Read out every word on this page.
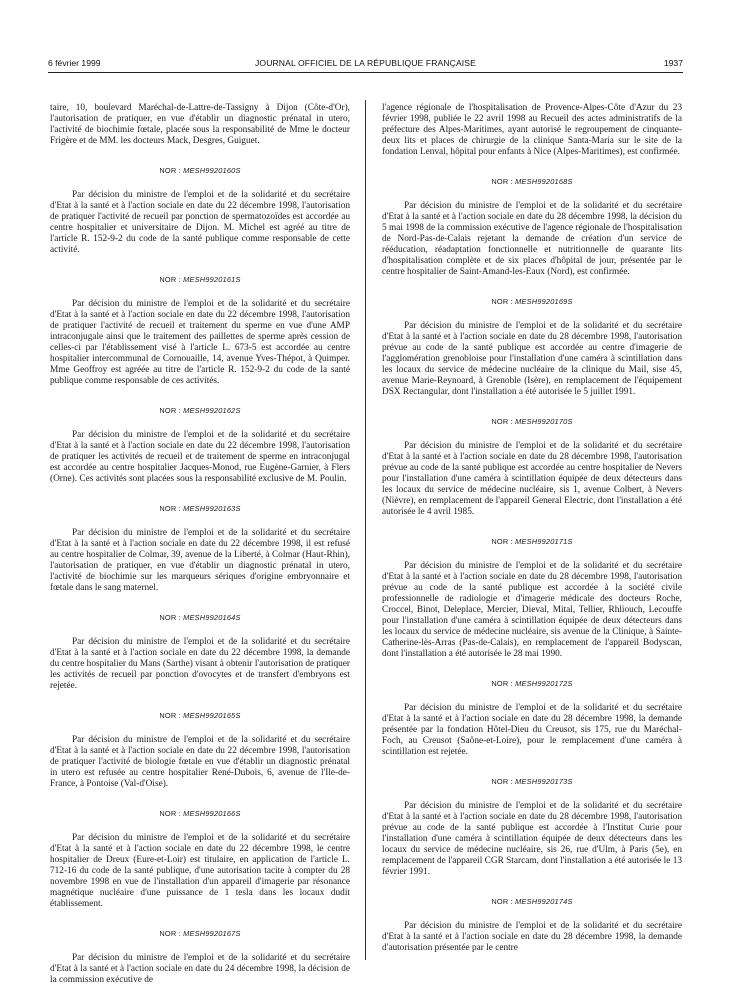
6 février 1999	JOURNAL OFFICIEL DE LA RÉPUBLIQUE FRANÇAISE	1937

taire, 10, boulevard Maréchal-de-Lattre-de-Tassigny à Dijon (Côte-d'Or), l'autorisation de pratiquer, en vue d'établir un diagnostic prénatal in utero, l'activité de biochimie fœtale, placée sous la responsabilité de Mme le docteur Frigère et de MM. les docteurs Mack, Desgres, Guiguet.

NOR : MESH9920160S

Par décision du ministre de l'emploi et de la solidarité et du secrétaire d'Etat à la santé et à l'action sociale en date du 22 décembre 1998, l'autorisation de pratiquer l'activité de recueil par ponction de spermatozoïdes est accordée au centre hospitalier et universitaire de Dijon. M. Michel est agréé au titre de l'article R. 152-9-2 du code de la santé publique comme responsable de cette activité.

NOR : MESH9920161S

Par décision du ministre de l'emploi et de la solidarité et du secrétaire d'Etat à la santé et à l'action sociale en date du 22 décembre 1998, l'autorisation de pratiquer l'activité de recueil et traitement du sperme en vue d'une AMP intraconjugale ainsi que le traitement des paillettes de sperme après cession de celles-ci par l'établissement visé à l'article L. 673-5 est accordée au centre hospitalier intercommunal de Cornouaille, 14, avenue Yves-Thépot, à Quimper. Mme Geoffroy est agréée au titre de l'article R. 152-9-2 du code de la santé publique comme responsable de ces activités.

NOR : MESH9920162S

Par décision du ministre de l'emploi et de la solidarité et du secrétaire d'Etat à la santé et à l'action sociale en date du 22 décembre 1998, l'autorisation de pratiquer les activités de recueil et de traitement de sperme en intraconjugal est accordée au centre hospitalier Jacques-Monod, rue Eugène-Garnier, à Flers (Orne). Ces activités sont placées sous la responsabilité exclusive de M. Poulin.

NOR : MESH9920163S

Par décision du ministre de l'emploi et de la solidarité et du secrétaire d'Etat à la santé et à l'action sociale en date du 22 décembre 1998, il est refusé au centre hospitalier de Colmar, 39, avenue de la Liberté, à Colmar (Haut-Rhin), l'autorisation de pratiquer, en vue d'établir un diagnostic prénatal in utero, l'activité de biochimie sur les marqueurs sériques d'origine embryonnaire et fœtale dans le sang maternel.

NOR : MESH9920164S

Par décision du ministre de l'emploi et de la solidarité et du secrétaire d'Etat à la santé et à l'action sociale en date du 22 décembre 1998, la demande du centre hospitalier du Mans (Sarthe) visant à obtenir l'autorisation de pratiquer les activités de recueil par ponction d'ovocytes et de transfert d'embryons est rejetée.

NOR : MESH9920165S

Par décision du ministre de l'emploi et de la solidarité et du secrétaire d'Etat à la santé et à l'action sociale en date du 22 décembre 1998, l'autorisation de pratiquer l'activité de biologie fœtale en vue d'établir un diagnostic prénatal in utero est refusée au centre hospitalier René-Dubois, 6, avenue de l'Ile-de-France, à Pontoise (Val-d'Oise).

NOR : MESH9920166S

Par décision du ministre de l'emploi et de la solidarité et du secrétaire d'Etat à la santé et à l'action sociale en date du 22 décembre 1998, le centre hospitalier de Dreux (Eure-et-Loir) est titulaire, en application de l'article L. 712-16 du code de la santé publique, d'une autorisation tacite à compter du 28 novembre 1998 en vue de l'installation d'un appareil d'imagerie par résonance magnétique nucléaire d'une puissance de 1 tesla dans les locaux dudit établissement.

NOR : MESH9920167S

Par décision du ministre de l'emploi et de la solidarité et du secrétaire d'Etat à la santé et à l'action sociale en date du 24 décembre 1998, la décision de la commission exécutive de

l'agence régionale de l'hospitalisation de Provence-Alpes-Côte d'Azur du 23 février 1998, publiée le 22 avril 1998 au Recueil des actes administratifs de la préfecture des Alpes-Maritimes, ayant autorisé le regroupement de cinquante-deux lits et places de chirurgie de la clinique Santa-Maria sur le site de la fondation Lenval, hôpital pour enfants à Nice (Alpes-Maritimes), est confirmée.

NOR : MESH9920168S

Par décision du ministre de l'emploi et de la solidarité et du secrétaire d'Etat à la santé et à l'action sociale en date du 28 décembre 1998, la décision du 5 mai 1998 de la commission exécutive de l'agence régionale de l'hospitalisation de Nord-Pas-de-Calais rejetant la demande de création d'un service de rééducation, réadaptation fonctionnelle et nutritionnelle de quarante lits d'hospitalisation complète et de six places d'hôpital de jour, présentée par le centre hospitalier de Saint-Amand-les-Eaux (Nord), est confirmée.

NOR : MESH9920169S

Par décision du ministre de l'emploi et de la solidarité et du secrétaire d'Etat à la santé et à l'action sociale en date du 28 décembre 1998, l'autorisation prévue au code de la santé publique est accordée au centre d'imagerie de l'agglomération grenobloise pour l'installation d'une caméra à scintillation dans les locaux du service de médecine nucléaire de la clinique du Mail, sise 45, avenue Marie-Reynoard, à Grenoble (Isère), en remplacement de l'équipement DSX Rectangular, dont l'installation a été autorisée le 5 juillet 1991.

NOR : MESH9920170S

Par décision du ministre de l'emploi et de la solidarité et du secrétaire d'Etat à la santé et à l'action sociale en date du 28 décembre 1998, l'autorisation prévue au code de la santé publique est accordée au centre hospitalier de Nevers pour l'installation d'une caméra à scintillation équipée de deux détecteurs dans les locaux du service de médecine nucléaire, sis 1, avenue Colbert, à Nevers (Nièvre), en remplacement de l'appareil General Electric, dont l'installation a été autorisée le 4 avril 1985.

NOR : MESH9920171S

Par décision du ministre de l'emploi et de la solidarité et du secrétaire d'Etat à la santé et à l'action sociale en date du 28 décembre 1998, l'autorisation prévue au code de la santé publique est accordée à la société civile professionnelle de radiologie et d'imagerie médicale des docteurs Roche, Croccel, Binot, Deleplace, Mercier, Dieval, Mital, Tellier, Rhliouch, Lecouffe pour l'installation d'une caméra à scintillation équipée de deux détecteurs dans les locaux du service de médecine nucléaire, sis avenue de la Clinique, à Sainte-Catherine-lès-Arras (Pas-de-Calais), en remplacement de l'appareil Bodyscan, dont l'installation a été autorisée le 28 mai 1990.

NOR : MESH9920172S

Par décision du ministre de l'emploi et de la solidarité et du secrétaire d'Etat à la santé et à l'action sociale en date du 28 décembre 1998, la demande présentée par la fondation Hôtel-Dieu du Creusot, sis 175, rue du Maréchal-Foch, au Creusot (Saône-et-Loire), pour le remplacement d'une caméra à scintillation est rejetée.

NOR : MESH9920173S

Par décision du ministre de l'emploi et de la solidarité et du secrétaire d'Etat à la santé et à l'action sociale en date du 28 décembre 1998, l'autorisation prévue au code de la santé publique est accordée à l'Institut Curie pour l'installation d'une caméra à scintillation équipée de deux détecteurs dans les locaux du service de médecine nucléaire, sis 26, rue d'Ulm, à Paris (5e), en remplacement de l'appareil CGR Starcam, dont l'installation a été autorisée le 13 février 1991.

NOR : MESH9920174S

Par décision du ministre de l'emploi et de la solidarité et du secrétaire d'Etat à la santé et à l'action sociale en date du 28 décembre 1998, la demande d'autorisation présentée par le centre
